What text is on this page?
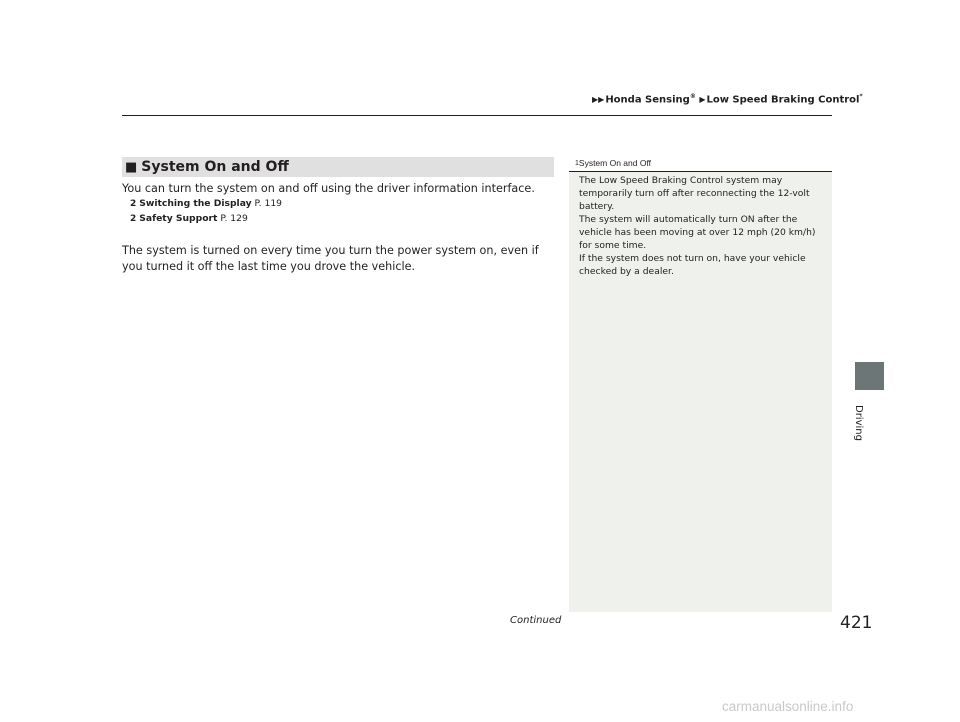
▶▶Honda Sensing® ▶Low Speed Braking Control*
■ System On and Off
You can turn the system on and off using the driver information interface.
2 Switching the Display P. 119
2 Safety Support P. 129
The system is turned on every time you turn the power system on, even if you turned it off the last time you drove the vehicle.
1System On and Off
The Low Speed Braking Control system may temporarily turn off after reconnecting the 12-volt battery.
The system will automatically turn ON after the vehicle has been moving at over 12 mph (20 km/h) for some time.
If the system does not turn on, have your vehicle checked by a dealer.
Driving
Continued	421
carmanualsonline.info
